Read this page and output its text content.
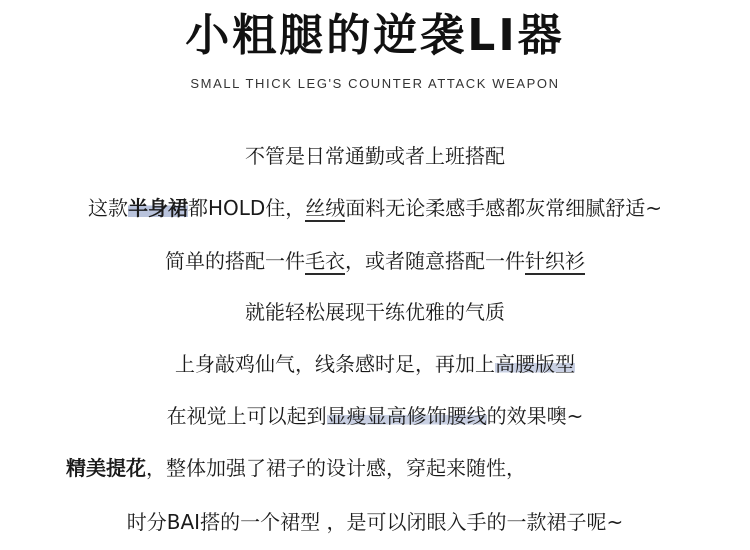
小粗腿的逆袭LI器
SMALL THICK LEG'S COUNTER ATTACK WEAPON
不管是日常通勤或者上班搭配
这款半身裙都HOLD住，丝绒面料无论柔感手感都灰常细腻舒适~
简单的搭配一件毛衣，或者随意搭配一件针织衫
就能轻松展现干练优雅的气质
上身敲鸡仙气，线条感时足，再加上高腰版型
在视觉上可以起到显瘦显高修饰腰线的效果噢~
精美提花，整体加强了裙子的设计感，穿起来随性，
时分BAI搭的一个裙型 ，是可以闭眼入手的一款裙子呢~
